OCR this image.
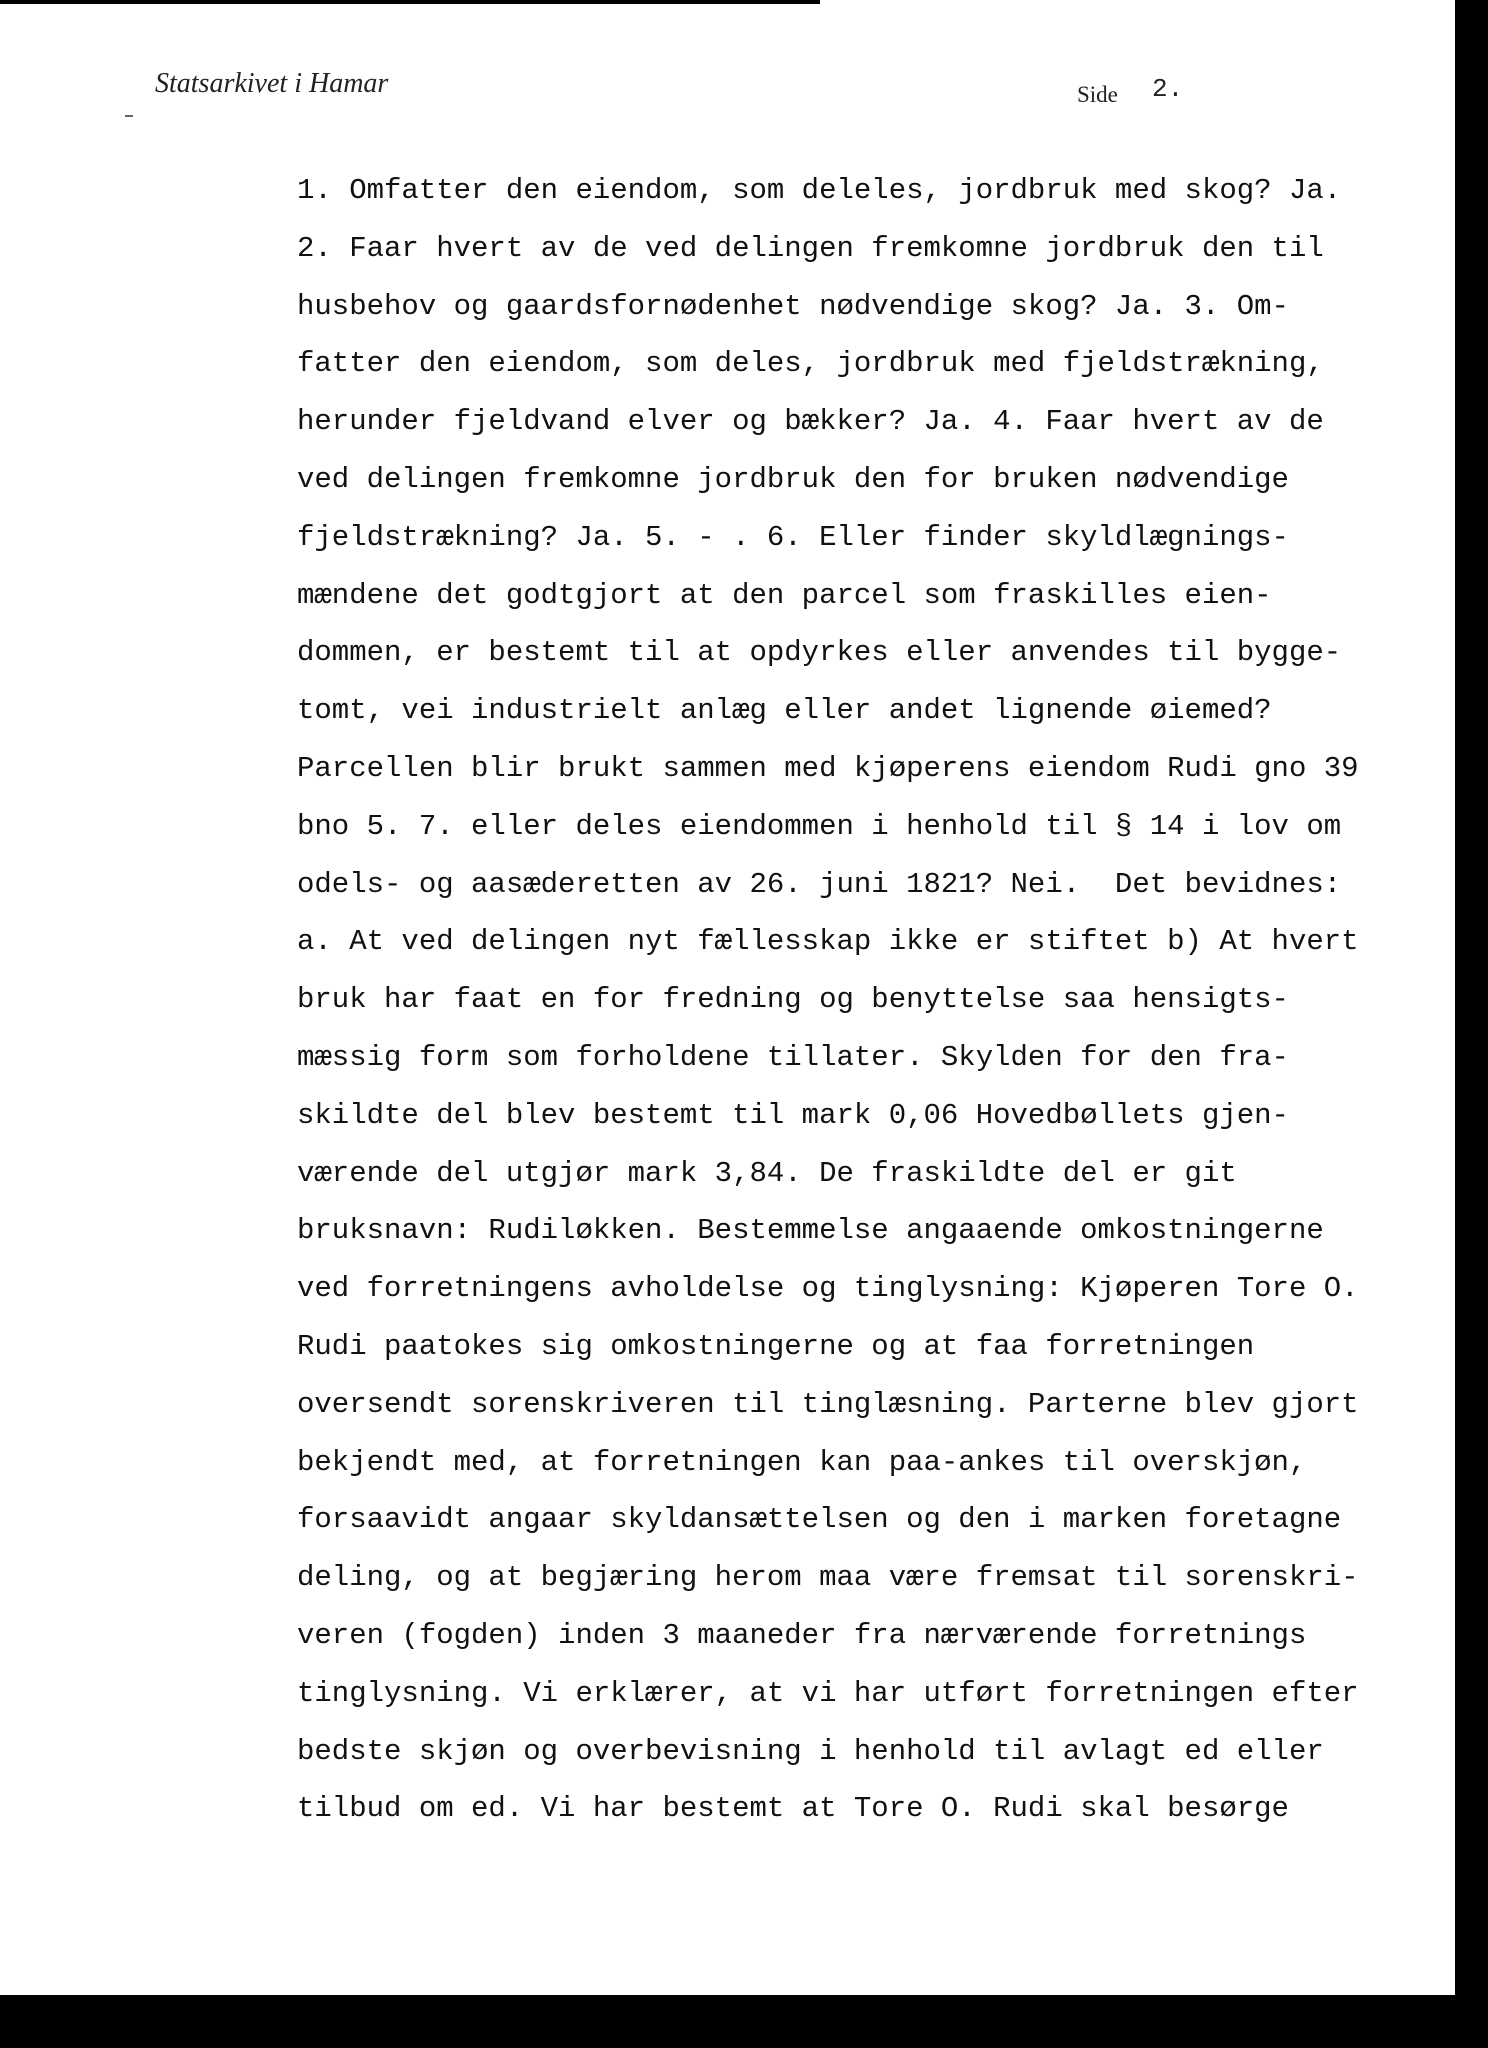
Statsarkivet i Hamar	Side 2.
1. Omfatter den eiendom, som deleles, jordbruk med skog? Ja.
2. Faar hvert av de ved delingen fremkomne jordbruk den til
husbehov og gaardsfornødenhet nødvendige skog? Ja. 3. Om-
fatter den eiendom, som deles, jordbruk med fjeldstrækning,
herunder fjeldvand elver og bækker? Ja. 4. Faar hvert av de
ved delingen fremkomne jordbruk den for bruken nødvendige
fjeldstrækning? Ja. 5. - . 6. Eller finder skyldlægnings-
mændene det godtgjort at den parcel som fraskilles eien-
dommen, er bestemt til at opdyrkes eller anvendes til bygge-
tomt, vei industrielt anlæg eller andet lignende øiemed?
Parcellen blir brukt sammen med kjøperens eiendom Rudi gno 39
bno 5. 7. eller deles eiendommen i henhold til § 14 i lov om
odels- og aasæderetten av 26. juni 1821? Nei.  Det bevidnes:
a. At ved delingen nyt fællesskap ikke er stiftet b) At hvert
bruk har faat en for fredning og benyttelse saa hensigts-
mæssig form som forholdene tillater. Skylden for den fra-
skildte del blev bestemt til mark 0,06 Hovedbøllets gjen-
værende del utgjør mark 3,84. De fraskildte del er git
bruksnavn: Rudiløkken. Bestemmelse angaaende omkostningerne
ved forretningens avholdelse og tinglysning: Kjøperen Tore O.
Rudi paatokes sig omkostningerne og at faa forretningen
oversendt sorenskriveren til tinglæsning. Parterne blev gjort
bekjendt med, at forretningen kan paa-ankes til overskjøn,
forsaavidt angaar skyldansættelsen og den i marken foretagne
deling, og at begjæring herom maa være fremsat til sorenskri-
veren (fogden) inden 3 maaneder fra nærværende forretnings
tinglysning. Vi erklærer, at vi har utført forretningen efter
bedste skjøn og overbevisning i henhold til avlagt ed eller
tilbud om ed. Vi har bestemt at Tore O. Rudi skal besørge
